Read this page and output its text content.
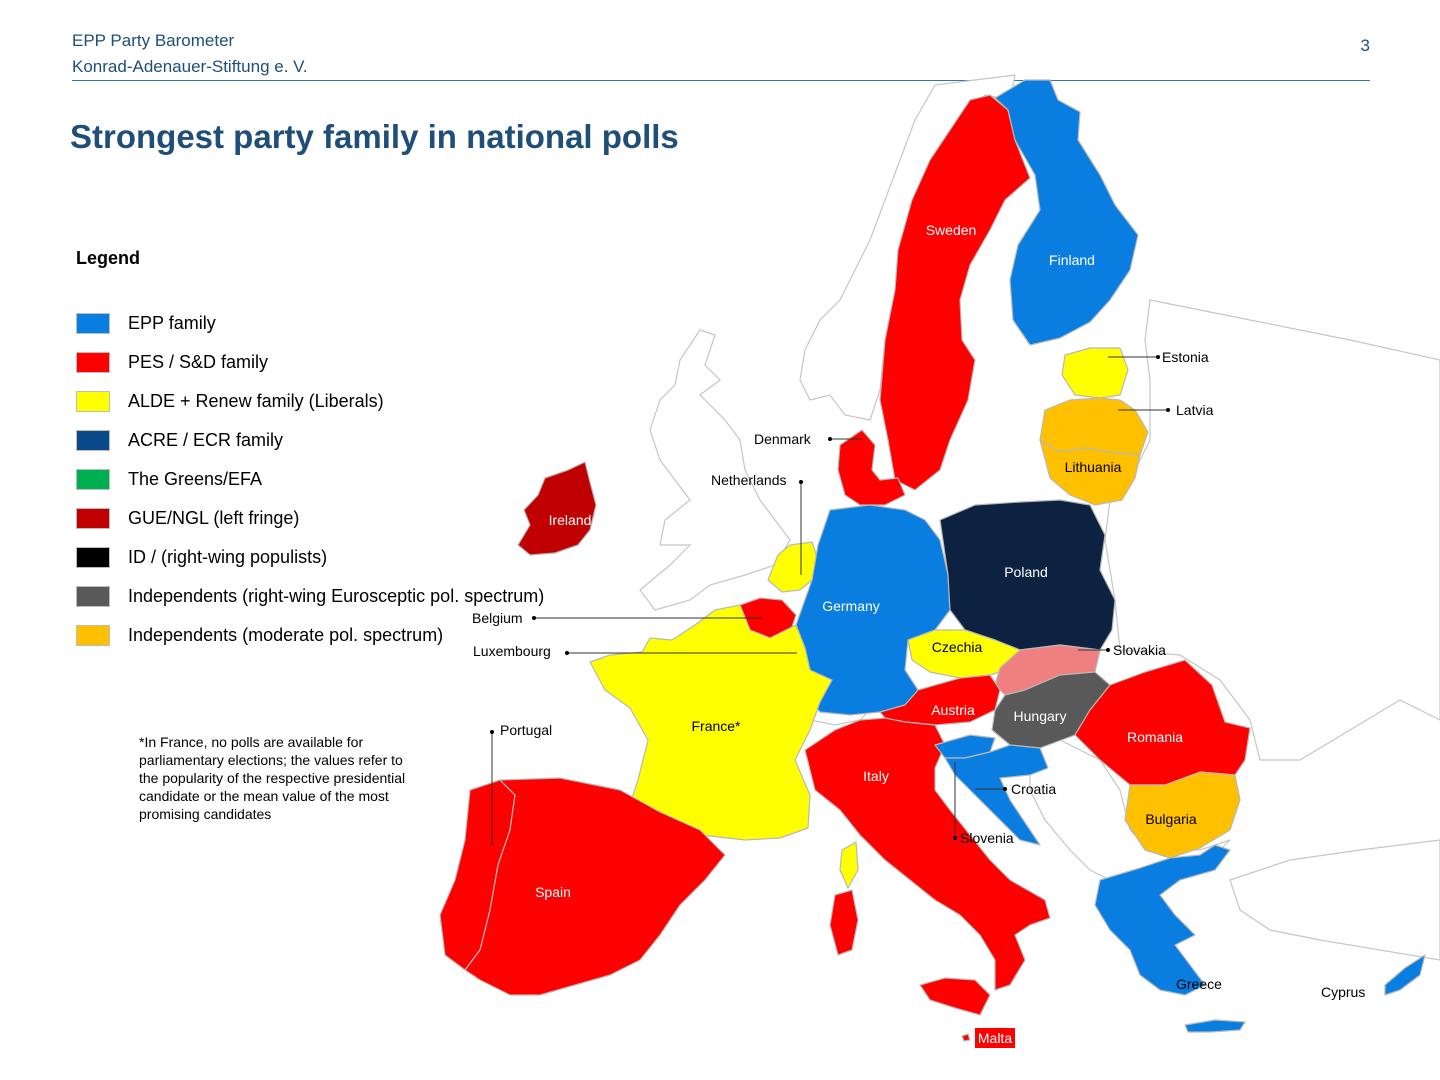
EPP Party Barometer
Konrad-Adenauer-Stiftung e. V.
3
Strongest party family in national polls
Sweden
Finland
Estonia
Latvia
Lithuania
Denmark
Netherlands
Ireland
Belgium
Luxembourg
Germany
Poland
Czechia	Slovakia
Austria	Hungary
Romania
Bulgaria
France*
Portugal
Spain
Italy
Slovenia
Croatia
Greece	Cyprus
Malta
Legend
EPP family
PES / S&D family
ALDE + Renew family (Liberals)
ACRE / ECR family
The Greens/EFA
GUE/NGL (left fringe)
ID / (right-wing populists)
Independents (right-wing Eurosceptic pol. spectrum)
Independents (moderate pol. spectrum)
*In France, no polls are available for parliamentary elections; the values refer to the popularity of the respective presidential candidate or the mean value of the most promising candidates
